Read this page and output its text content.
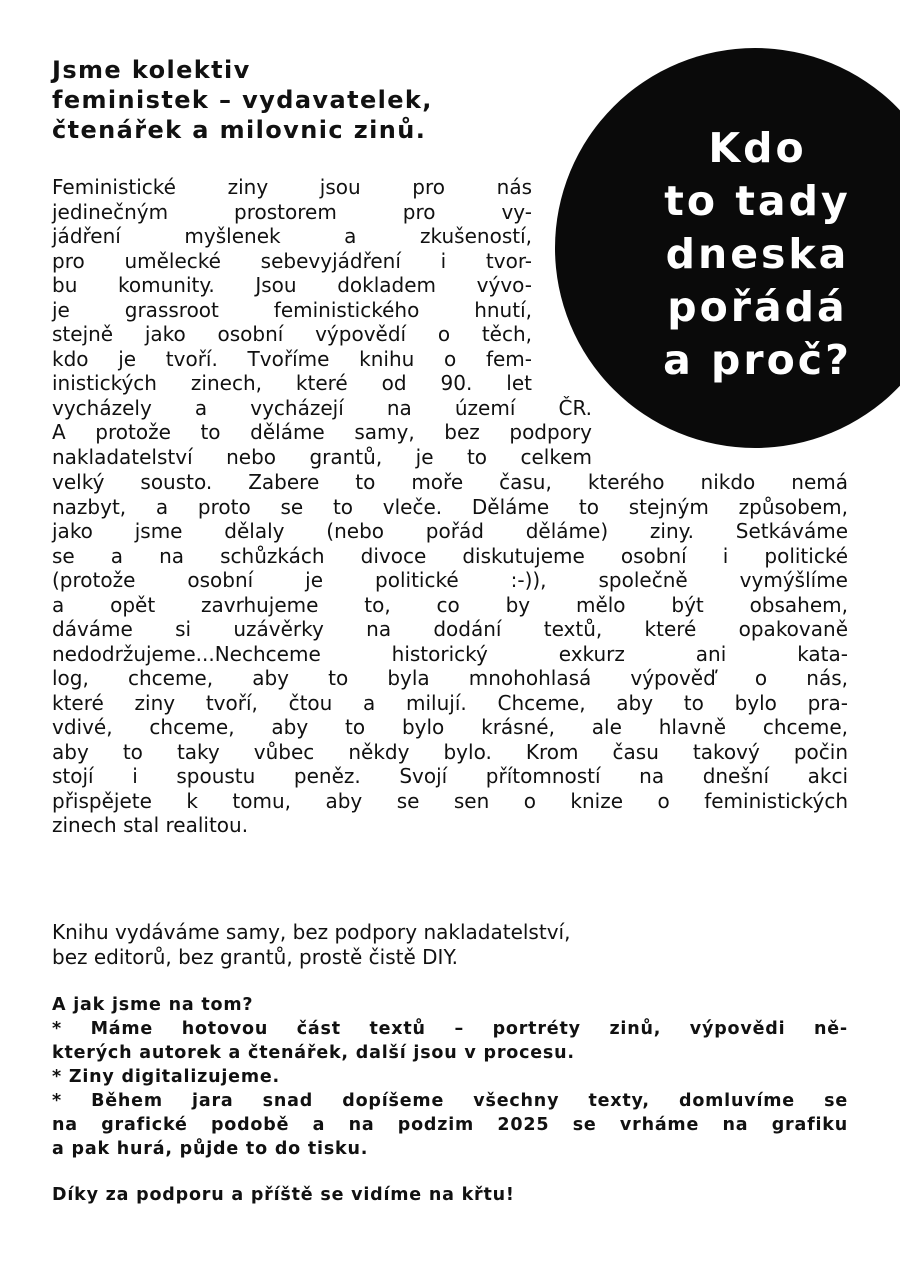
Kdo
to tady
dneska
pořádá
a proč?
Jsme kolektiv
feministek – vydavatelek,
čtenářek a milovnic zinů.
Feministické ziny jsou pro nás
jedinečným prostorem pro vy-
jádření myšlenek a zkušeností,
pro umělecké sebevyjádření i tvor-
bu komunity. Jsou dokladem vývo-
je grassroot feministického hnutí,
stejně jako osobní výpovědí o těch,
kdo je tvoří. Tvoříme knihu o fem-
inistických zinech, které od 90. let
vycházely a vycházejí na území ČR.
A protože to děláme samy, bez podpory
nakladatelství nebo grantů, je to celkem
velký sousto. Zabere to moře času, kterého nikdo nemá
nazbyt, a proto se to vleče. Děláme to stejným způsobem,
jako jsme dělaly (nebo pořád děláme) ziny. Setkáváme
se a na schůzkách divoce diskutujeme osobní i politické
(protože osobní je politické :-)), společně vymýšlíme
a opět zavrhujeme to, co by mělo být obsahem,
dáváme si uzávěrky na dodání textů, které opakovaně
nedodržujeme...Nechceme historický exkurz ani kata-
log, chceme, aby to byla mnohohlasá výpověď o nás,
které ziny tvoří, čtou a milují. Chceme, aby to bylo pra-
vdivé, chceme, aby to bylo krásné, ale hlavně chceme,
aby to taky vůbec někdy bylo. Krom času takový počin
stojí i spoustu peněz. Svojí přítomností na dnešní akci
přispějete k tomu, aby se sen o knize o feministických
zinech stal realitou.
Knihu vydáváme samy, bez podpory nakladatelství,
bez editorů, bez grantů, prostě čistě DIY.
A jak jsme na tom?
* Máme hotovou část textů – portréty zinů, výpovědi ně-
kterých autorek a čtenářek, další jsou v procesu.
* Ziny digitalizujeme.
* Během jara snad dopíšeme všechny texty, domluvíme se
na grafické podobě a na podzim 2025 se vrháme na grafiku
a pak hurá, půjde to do tisku.
Díky za podporu a příště se vidíme na křtu!
